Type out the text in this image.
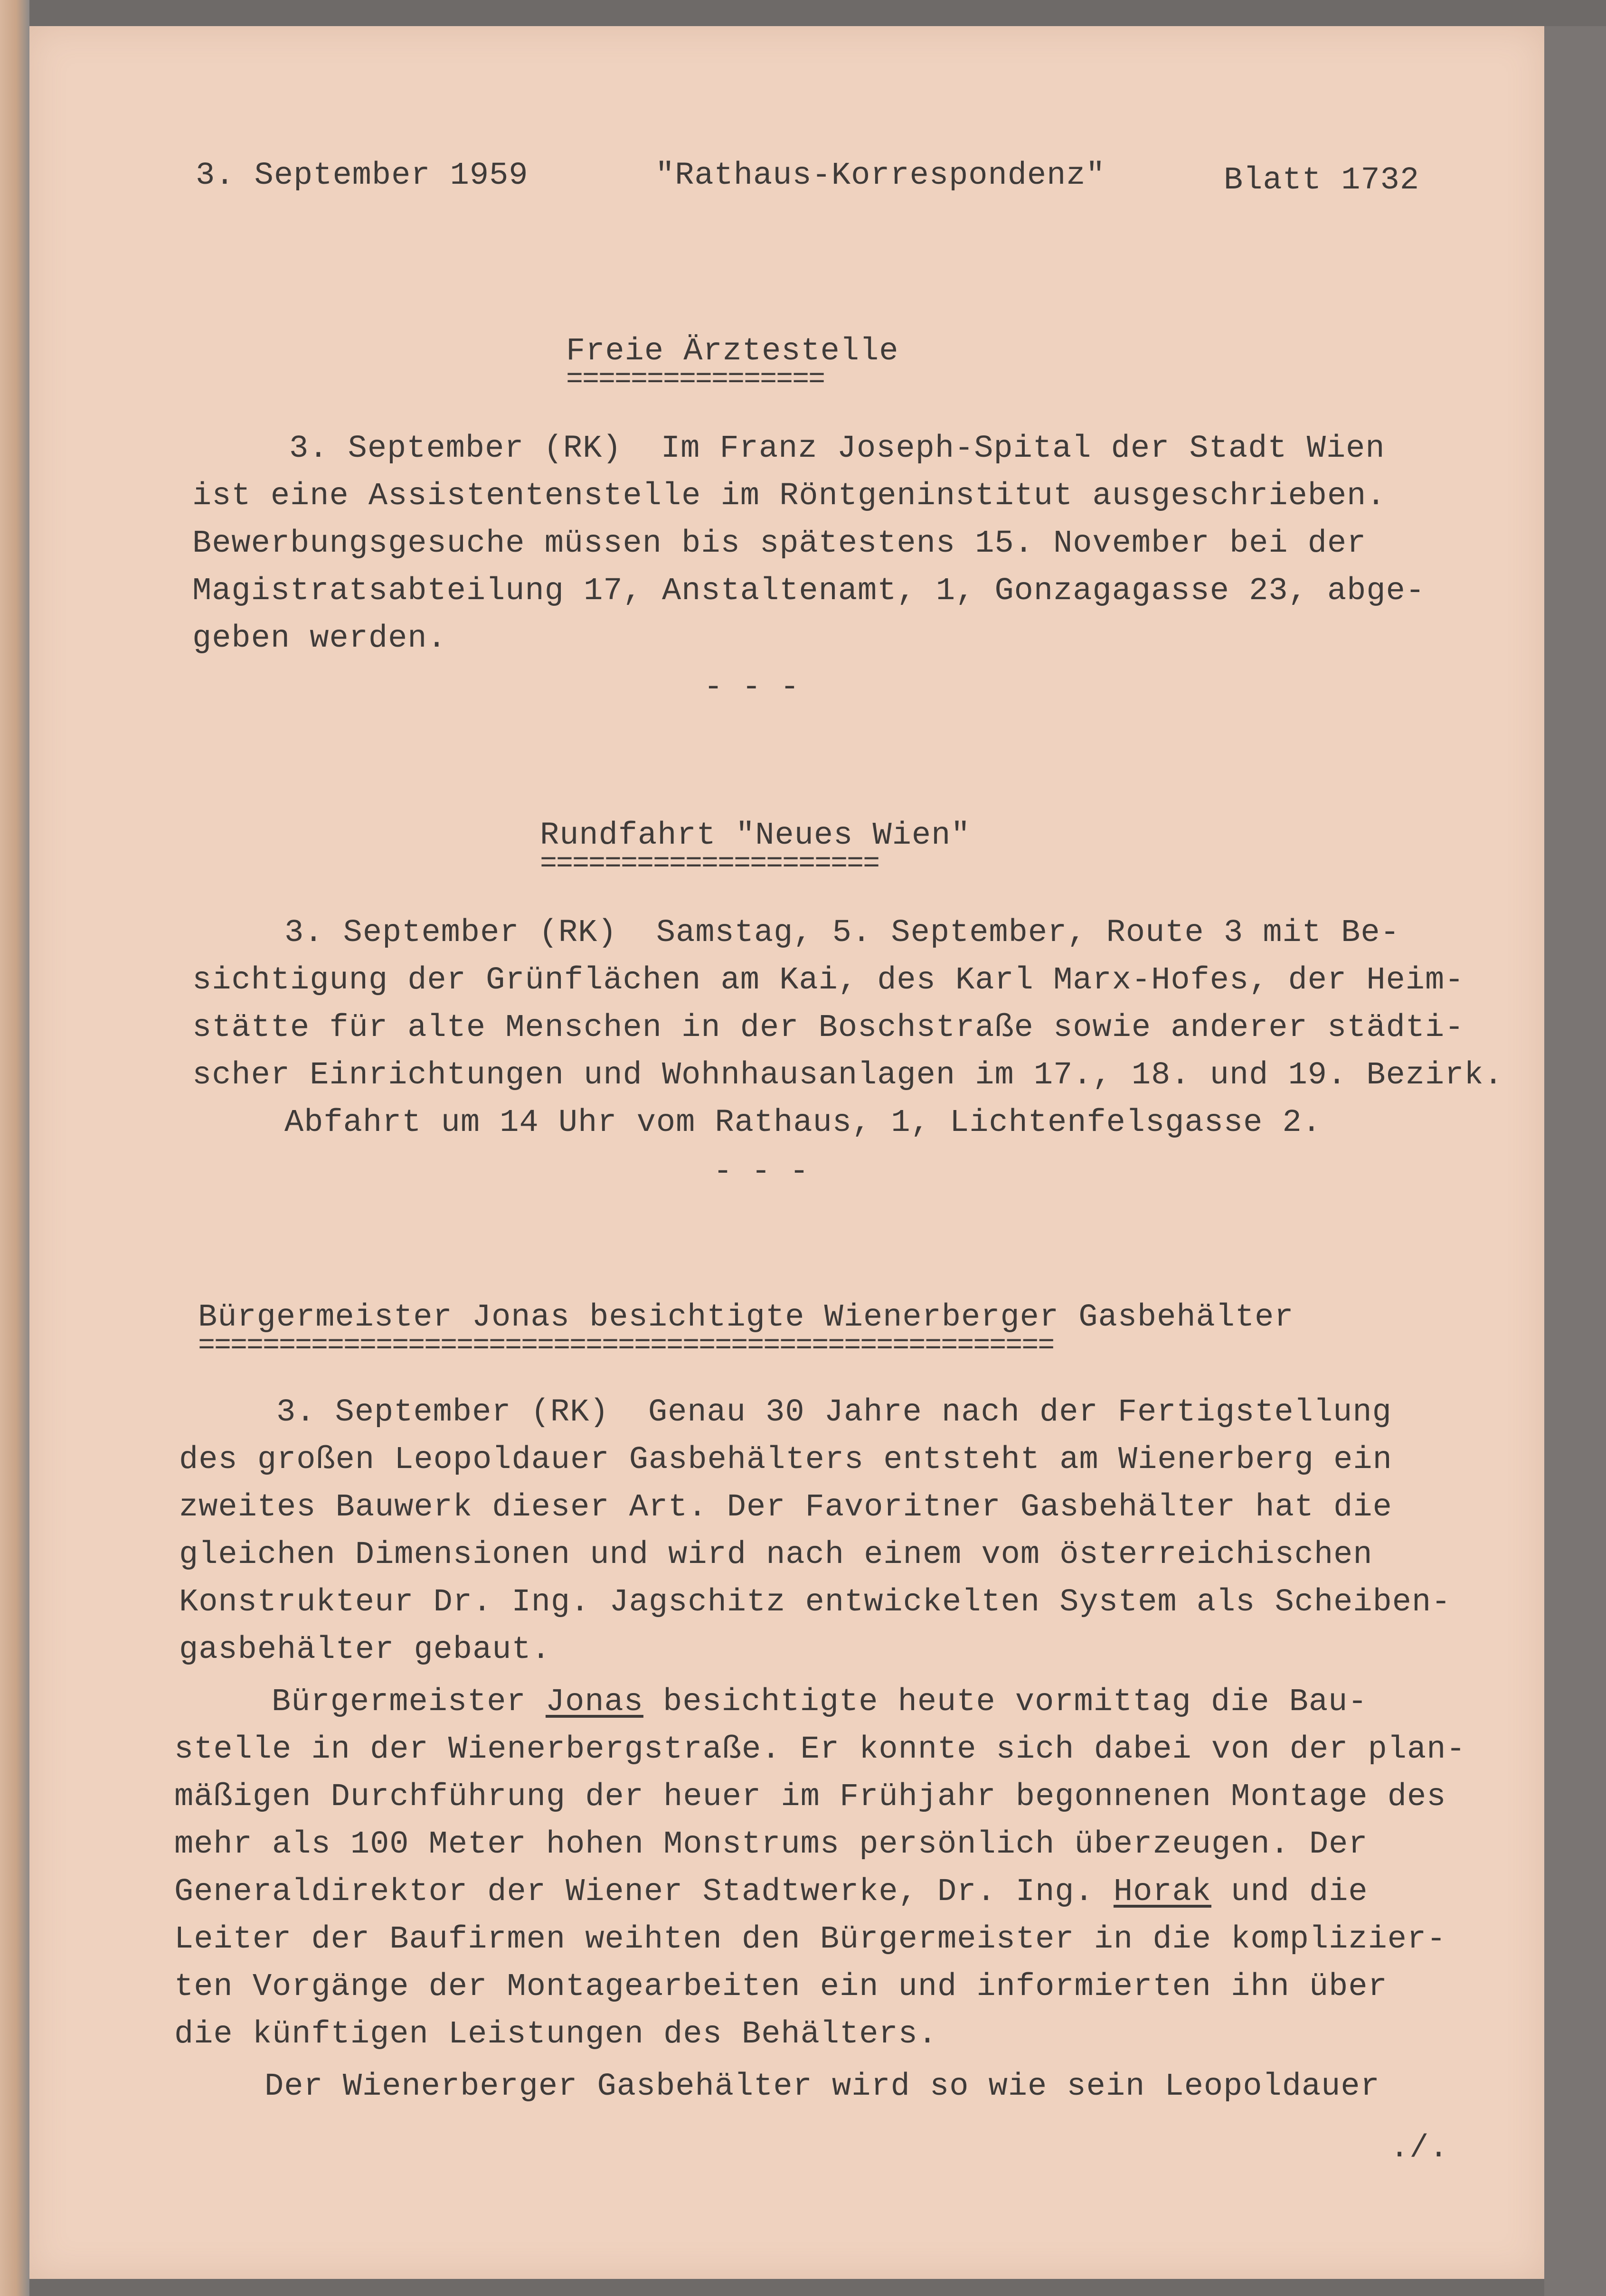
3. September 1959	"Rathaus-Korrespondenz"	Blatt 1732

Freie Ärztestelle

================

3. September (RK)  Im Franz Joseph-Spital der Stadt Wien

ist eine Assistentenstelle im Röntgeninstitut ausgeschrieben.

Bewerbungsgesuche müssen bis spätestens 15. November bei der

Magistratsabteilung 17, Anstaltenamt, 1, Gonzagagasse 23, abge-

geben werden.

- - -

Rundfahrt "Neues Wien"

=====================

3. September (RK)  Samstag, 5. September, Route 3 mit Be-

sichtigung der Grünflächen am Kai, des Karl Marx-Hofes, der Heim-

stätte für alte Menschen in der Boschstraße sowie anderer städti-

scher Einrichtungen und Wohnhausanlagen im 17., 18. und 19. Bezirk.

Abfahrt um 14 Uhr vom Rathaus, 1, Lichtenfelsgasse 2.

- - -

Bürgermeister Jonas besichtigte Wienerberger Gasbehälter

=====================================================

3. September (RK)  Genau 30 Jahre nach der Fertigstellung

des großen Leopoldauer Gasbehälters entsteht am Wienerberg ein

zweites Bauwerk dieser Art. Der Favoritner Gasbehälter hat die

gleichen Dimensionen und wird nach einem vom österreichischen

Konstrukteur Dr. Ing. Jagschitz entwickelten System als Scheiben-

gasbehälter gebaut.

Bürgermeister Jonas besichtigte heute vormittag die Bau-

stelle in der Wienerbergstraße. Er konnte sich dabei von der plan-

mäßigen Durchführung der heuer im Frühjahr begonnenen Montage des

mehr als 100 Meter hohen Monstrums persönlich überzeugen. Der

Generaldirektor der Wiener Stadtwerke, Dr. Ing. Horak und die

Leiter der Baufirmen weihten den Bürgermeister in die komplizier-

ten Vorgänge der Montagearbeiten ein und informierten ihn über

die künftigen Leistungen des Behälters.

Der Wienerberger Gasbehälter wird so wie sein Leopoldauer

./.
